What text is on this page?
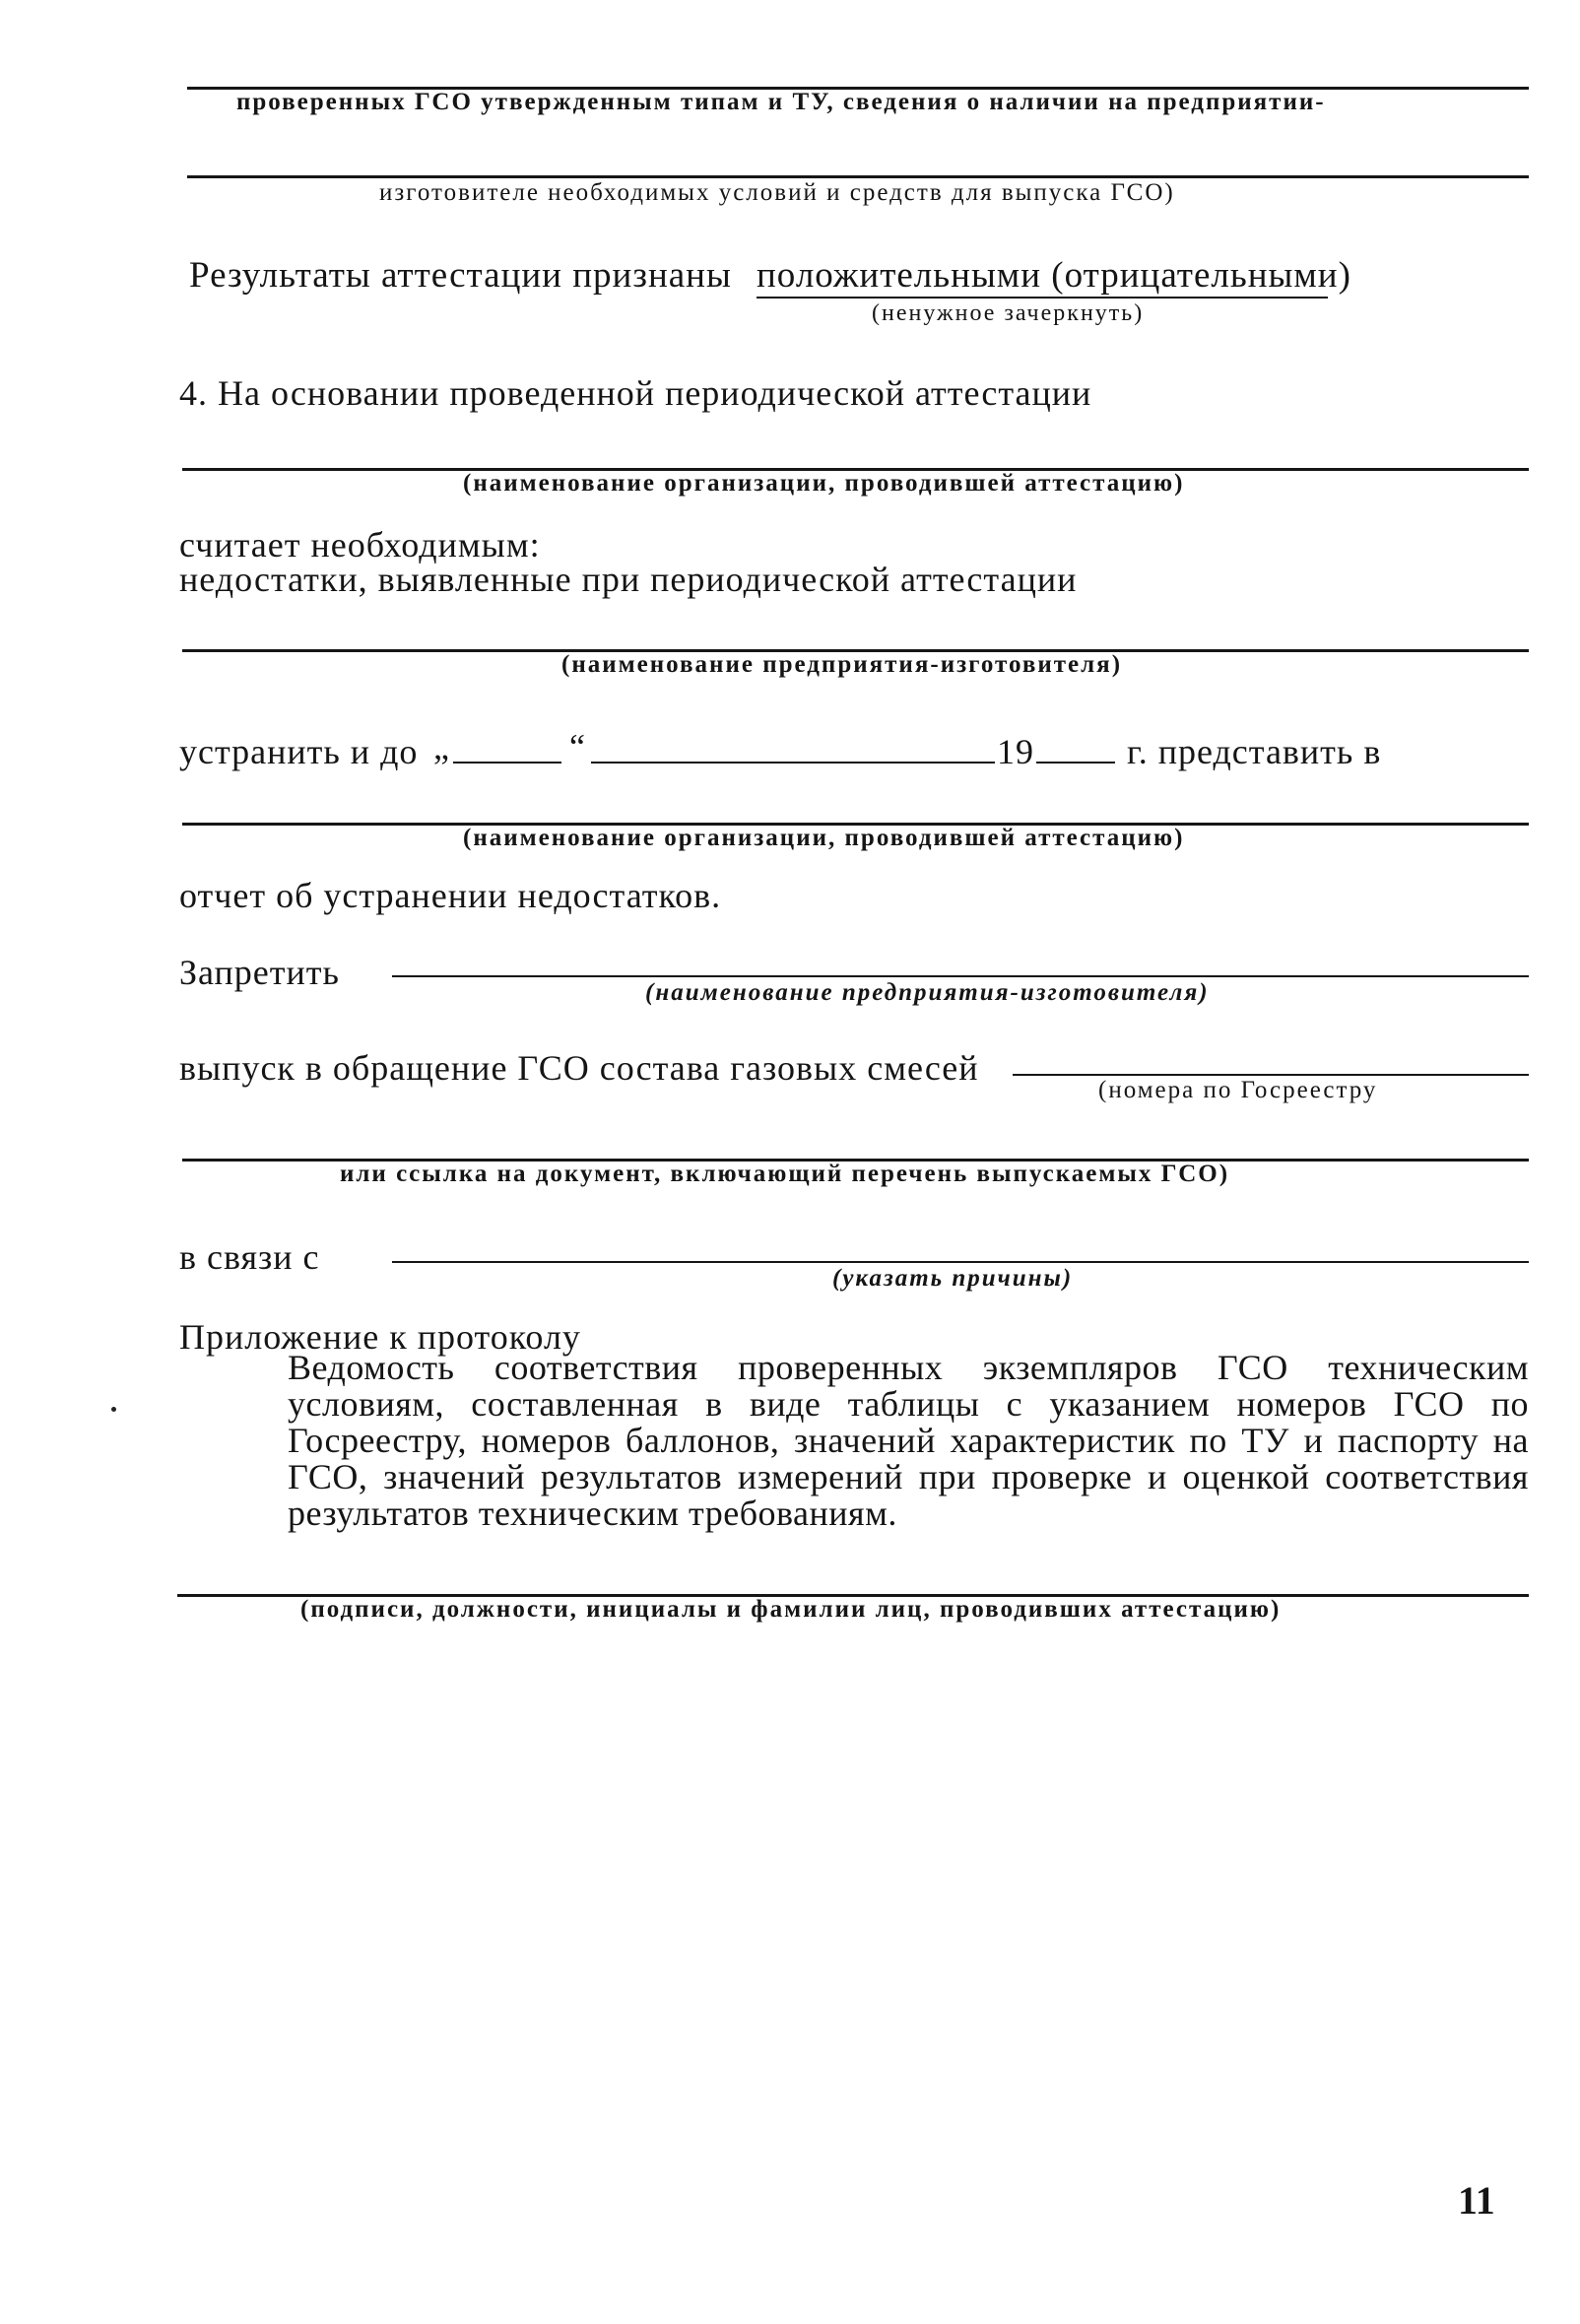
проверенных ГСО утвержденным типам и ТУ, сведения о наличии на предприятии-
изготовителе необходимых условий и средств для выпуска ГСО)
Результаты аттестации признаны положительными (отрицательными)
(ненужное зачеркнуть)
4. На основании проведенной периодической аттестации
(наименование организации, проводившей аттестацию)
считает необходимым:
недостатки, выявленные при периодической аттестации
(наименование предприятия-изготовителя)
устранить и до „	“	19	г. представить в
(наименование организации, проводившей аттестацию)
отчет об устранении недостатков.
Запретить
(наименование предприятия-изготовителя)
выпуск в обращение ГСО состава газовых смесей
(номера по Госреестру
или ссылка на документ, включающий перечень выпускаемых ГСО)
в связи с
(указать причины)
Приложение к протоколу
Ведомость соответствия проверенных экземпляров ГСО техническим условиям, составленная в виде таблицы с указанием номеров ГСО по Госреестру, номеров баллонов, значений характеристик по ТУ и паспорту на ГСО, значений результатов измерений при проверке и оценкой соответствия результатов техническим требованиям.
(подписи, должности, инициалы и фамилии лиц, проводивших аттестацию)
11
